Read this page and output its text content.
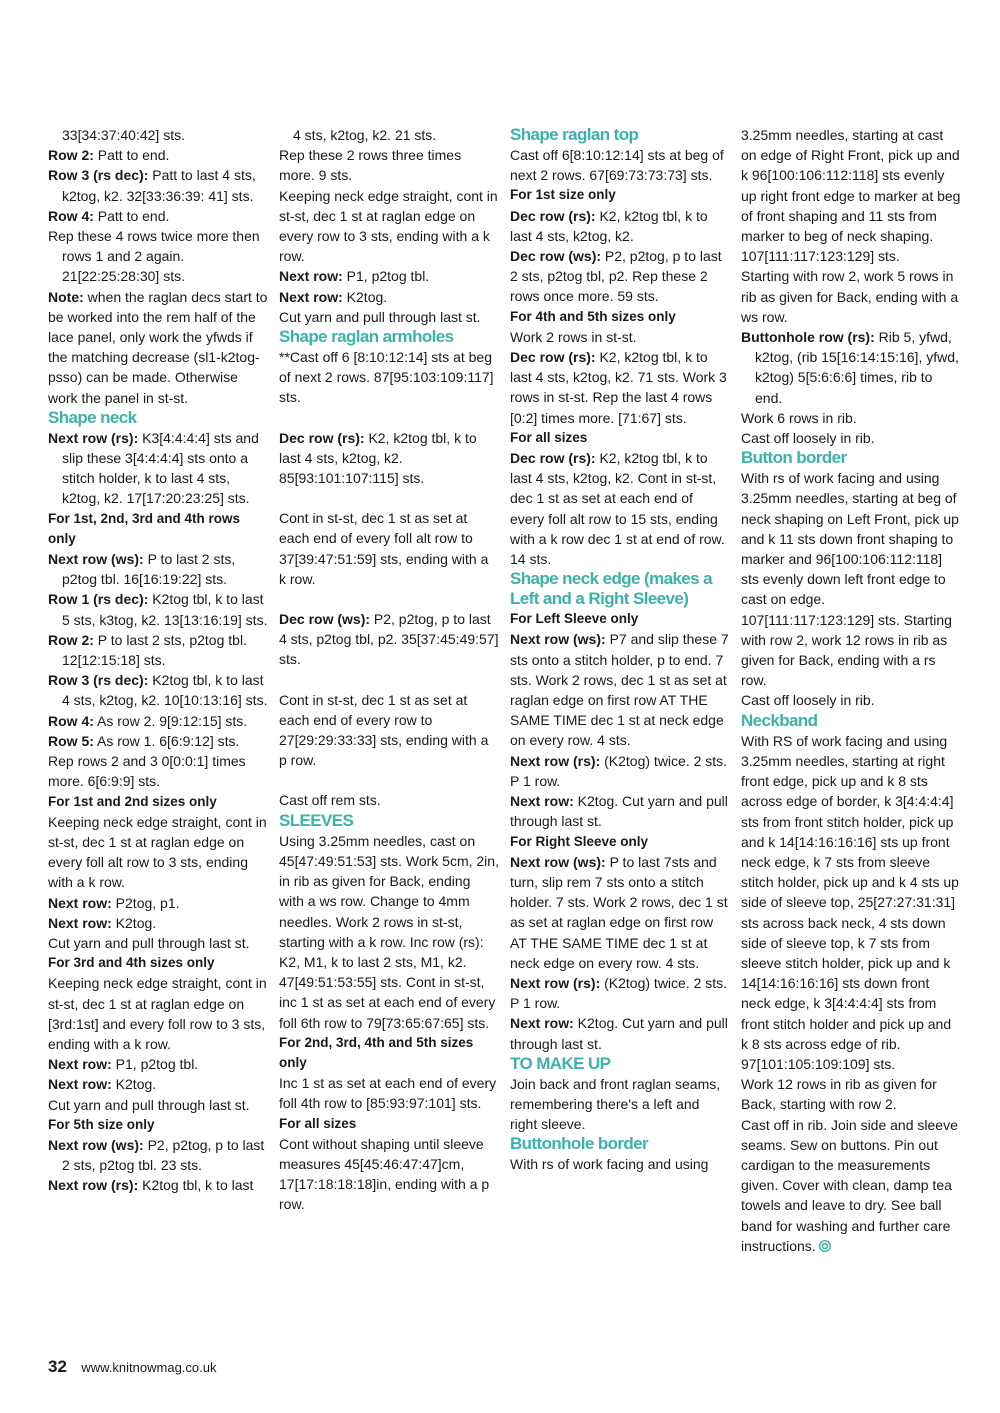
33[34:37:40:42] sts.

Row 2: Patt to end.

Row 3 (rs dec): Patt to last 4 sts, k2tog, k2. 32[33:36:39: 41] sts.

Row 4: Patt to end.

Rep these 4 rows twice more then rows 1 and 2 again. 21[22:25:28:30] sts.

Note: when the raglan decs start to be worked into the rem half of the lace panel, only work the yfwds if the matching decrease (sl1-k2tog-psso) can be made. Otherwise work the panel in st-st.

Shape neck

Next row (rs): K3[4:4:4:4] sts and slip these 3[4:4:4:4] sts onto a stitch holder, k to last 4 sts, k2tog, k2. 17[17:20:23:25] sts.

For 1st, 2nd, 3rd and 4th rows only

Next row (ws): P to last 2 sts, p2tog tbl. 16[16:19:22] sts.

Row 1 (rs dec): K2tog tbl, k to last 5 sts, k3tog, k2. 13[13:16:19] sts.

Row 2: P to last 2 sts, p2tog tbl. 12[12:15:18] sts.

Row 3 (rs dec): K2tog tbl, k to last 4 sts, k2tog, k2. 10[10:13:16] sts.

Row 4: As row 2. 9[9:12:15] sts.

Row 5: As row 1. 6[6:9:12] sts.

Rep rows 2 and 3 0[0:0:1] times more. 6[6:9:9] sts.

For 1st and 2nd sizes only

Keeping neck edge straight, cont in st-st, dec 1 st at raglan edge on every foll alt row to 3 sts, ending with a k row.

Next row: P2tog, p1.

Next row: K2tog.

Cut yarn and pull through last st.

For 3rd and 4th sizes only

Keeping neck edge straight, cont in st-st, dec 1 st at raglan edge on [3rd:1st] and every foll row to 3 sts, ending with a k row.

Next row: P1, p2tog tbl.

Next row: K2tog.

Cut yarn and pull through last st.

For 5th size only

Next row (ws): P2, p2tog, p to last 2 sts, p2tog tbl. 23 sts.

Next row (rs): K2tog tbl, k to last

4 sts, k2tog, k2. 21 sts.

Rep these 2 rows three times more. 9 sts.

Keeping neck edge straight, cont in st-st, dec 1 st at raglan edge on every row to 3 sts, ending with a k row.

Next row: P1, p2tog tbl.

Next row: K2tog.

Cut yarn and pull through last st.

Shape raglan armholes

**Cast off 6 [8:10:12:14] sts at beg of next 2 rows. 87[95:103:109:117] sts.

Dec row (rs): K2, k2tog tbl, k to last 4 sts, k2tog, k2. 85[93:101:107:115] sts.

Cont in st-st, dec 1 st as set at each end of every foll alt row to 37[39:47:51:59] sts, ending with a k row.

Dec row (ws): P2, p2tog, p to last 4 sts, p2tog tbl, p2. 35[37:45:49:57] sts.

Cont in st-st, dec 1 st as set at each end of every row to 27[29:29:33:33] sts, ending with a p row.

Cast off rem sts.

SLEEVES

Using 3.25mm needles, cast on 45[47:49:51:53] sts. Work 5cm, 2in, in rib as given for Back, ending with a ws row. Change to 4mm needles. Work 2 rows in st-st, starting with a k row. Inc row (rs): K2, M1, k to last 2 sts, M1, k2. 47[49:51:53:55] sts. Cont in st-st, inc 1 st as set at each end of every foll 6th row to 79[73:65:67:65] sts.

For 2nd, 3rd, 4th and 5th sizes only

Inc 1 st as set at each end of every foll 4th row to [85:93:97:101] sts.

For all sizes

Cont without shaping until sleeve measures 45[45:46:47:47]cm, 17[17:18:18:18]in, ending with a p row.

Shape raglan top

Cast off 6[8:10:12:14] sts at beg of next 2 rows. 67[69:73:73:73] sts.

For 1st size only

Dec row (rs): K2, k2tog tbl, k to last 4 sts, k2tog, k2.

Dec row (ws): P2, p2tog, p to last 2 sts, p2tog tbl, p2. Rep these 2 rows once more. 59 sts.

For 4th and 5th sizes only

Work 2 rows in st-st.

Dec row (rs): K2, k2tog tbl, k to last 4 sts, k2tog, k2. 71 sts. Work 3 rows in st-st. Rep the last 4 rows [0:2] times more. [71:67] sts.

For all sizes

Dec row (rs): K2, k2tog tbl, k to last 4 sts, k2tog, k2. Cont in st-st, dec 1 st as set at each end of every foll alt row to 15 sts, ending with a k row dec 1 st at end of row. 14 sts.

Shape neck edge (makes a Left and a Right Sleeve)

For Left Sleeve only

Next row (ws): P7 and slip these 7 sts onto a stitch holder, p to end. 7 sts. Work 2 rows, dec 1 st as set at raglan edge on first row AT THE SAME TIME dec 1 st at neck edge on every row. 4 sts.

Next row (rs): (K2tog) twice. 2 sts. P 1 row.

Next row: K2tog. Cut yarn and pull through last st.

For Right Sleeve only

Next row (ws): P to last 7sts and turn, slip rem 7 sts onto a stitch holder. 7 sts. Work 2 rows, dec 1 st as set at raglan edge on first row AT THE SAME TIME dec 1 st at neck edge on every row. 4 sts.

Next row (rs): (K2tog) twice. 2 sts. P 1 row.

Next row: K2tog. Cut yarn and pull through last st.

TO MAKE UP

Join back and front raglan seams, remembering there's a left and right sleeve.

Buttonhole border

With rs of work facing and using

3.25mm needles, starting at cast on edge of Right Front, pick up and k 96[100:106:112:118] sts evenly up right front edge to marker at beg of front shaping and 11 sts from marker to beg of neck shaping. 107[111:117:123:129] sts.

Starting with row 2, work 5 rows in rib as given for Back, ending with a ws row.

Buttonhole row (rs): Rib 5, yfwd, k2tog, (rib 15[16:14:15:16], yfwd, k2tog) 5[5:6:6:6] times, rib to end.

Work 6 rows in rib.

Cast off loosely in rib.

Button border

With rs of work facing and using 3.25mm needles, starting at beg of neck shaping on Left Front, pick up and k 11 sts down front shaping to marker and 96[100:106:112:118] sts evenly down left front edge to cast on edge. 107[111:117:123:129] sts. Starting with row 2, work 12 rows in rib as given for Back, ending with a rs row.

Cast off loosely in rib.

Neckband

With RS of work facing and using 3.25mm needles, starting at right front edge, pick up and k 8 sts across edge of border, k 3[4:4:4:4] sts from front stitch holder, pick up and k 14[14:16:16:16] sts up front neck edge, k 7 sts from sleeve stitch holder, pick up and k 4 sts up side of sleeve top, 25[27:27:31:31] sts across back neck, 4 sts down side of sleeve top, k 7 sts from sleeve stitch holder, pick up and k 14[14:16:16:16] sts down front neck edge, k 3[4:4:4:4] sts from front stitch holder and pick up and k 8 sts across edge of rib. 97[101:105:109:109] sts.

Work 12 rows in rib as given for Back, starting with row 2.

Cast off in rib. Join side and sleeve seams. Sew on buttons. Pin out cardigan to the measurements given. Cover with clean, damp tea towels and leave to dry. See ball band for washing and further care instructions.

32 www.knitnowmag.co.uk
